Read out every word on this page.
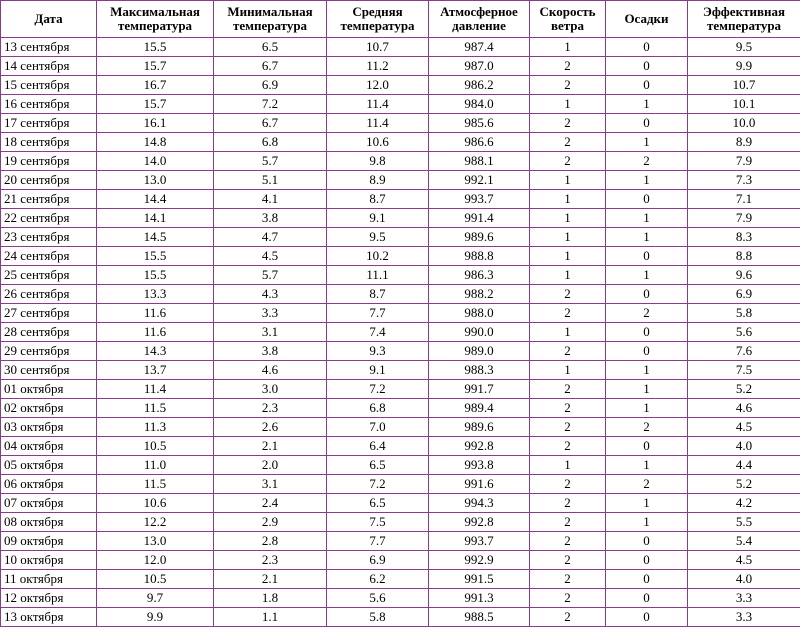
Дата	Максимальная температура	Минимальная температура	Средняя температура	Атмосферное давление	Скорость ветра	Осадки	Эффективная температура
13 сентября	15.5	6.5	10.7	987.4	1	0	9.5
14 сентября	15.7	6.7	11.2	987.0	2	0	9.9
15 сентября	16.7	6.9	12.0	986.2	2	0	10.7
16 сентября	15.7	7.2	11.4	984.0	1	1	10.1
17 сентября	16.1	6.7	11.4	985.6	2	0	10.0
18 сентября	14.8	6.8	10.6	986.6	2	1	8.9
19 сентября	14.0	5.7	9.8	988.1	2	2	7.9
20 сентября	13.0	5.1	8.9	992.1	1	1	7.3
21 сентября	14.4	4.1	8.7	993.7	1	0	7.1
22 сентября	14.1	3.8	9.1	991.4	1	1	7.9
23 сентября	14.5	4.7	9.5	989.6	1	1	8.3
24 сентября	15.5	4.5	10.2	988.8	1	0	8.8
25 сентября	15.5	5.7	11.1	986.3	1	1	9.6
26 сентября	13.3	4.3	8.7	988.2	2	0	6.9
27 сентября	11.6	3.3	7.7	988.0	2	2	5.8
28 сентября	11.6	3.1	7.4	990.0	1	0	5.6
29 сентября	14.3	3.8	9.3	989.0	2	0	7.6
30 сентября	13.7	4.6	9.1	988.3	1	1	7.5
01 октября	11.4	3.0	7.2	991.7	2	1	5.2
02 октября	11.5	2.3	6.8	989.4	2	1	4.6
03 октября	11.3	2.6	7.0	989.6	2	2	4.5
04 октября	10.5	2.1	6.4	992.8	2	0	4.0
05 октября	11.0	2.0	6.5	993.8	1	1	4.4
06 октября	11.5	3.1	7.2	991.6	2	2	5.2
07 октября	10.6	2.4	6.5	994.3	2	1	4.2
08 октября	12.2	2.9	7.5	992.8	2	1	5.5
09 октября	13.0	2.8	7.7	993.7	2	0	5.4
10 октября	12.0	2.3	6.9	992.9	2	0	4.5
11 октября	10.5	2.1	6.2	991.5	2	0	4.0
12 октября	9.7	1.8	5.6	991.3	2	0	3.3
13 октября	9.9	1.1	5.8	988.5	2	0	3.3
